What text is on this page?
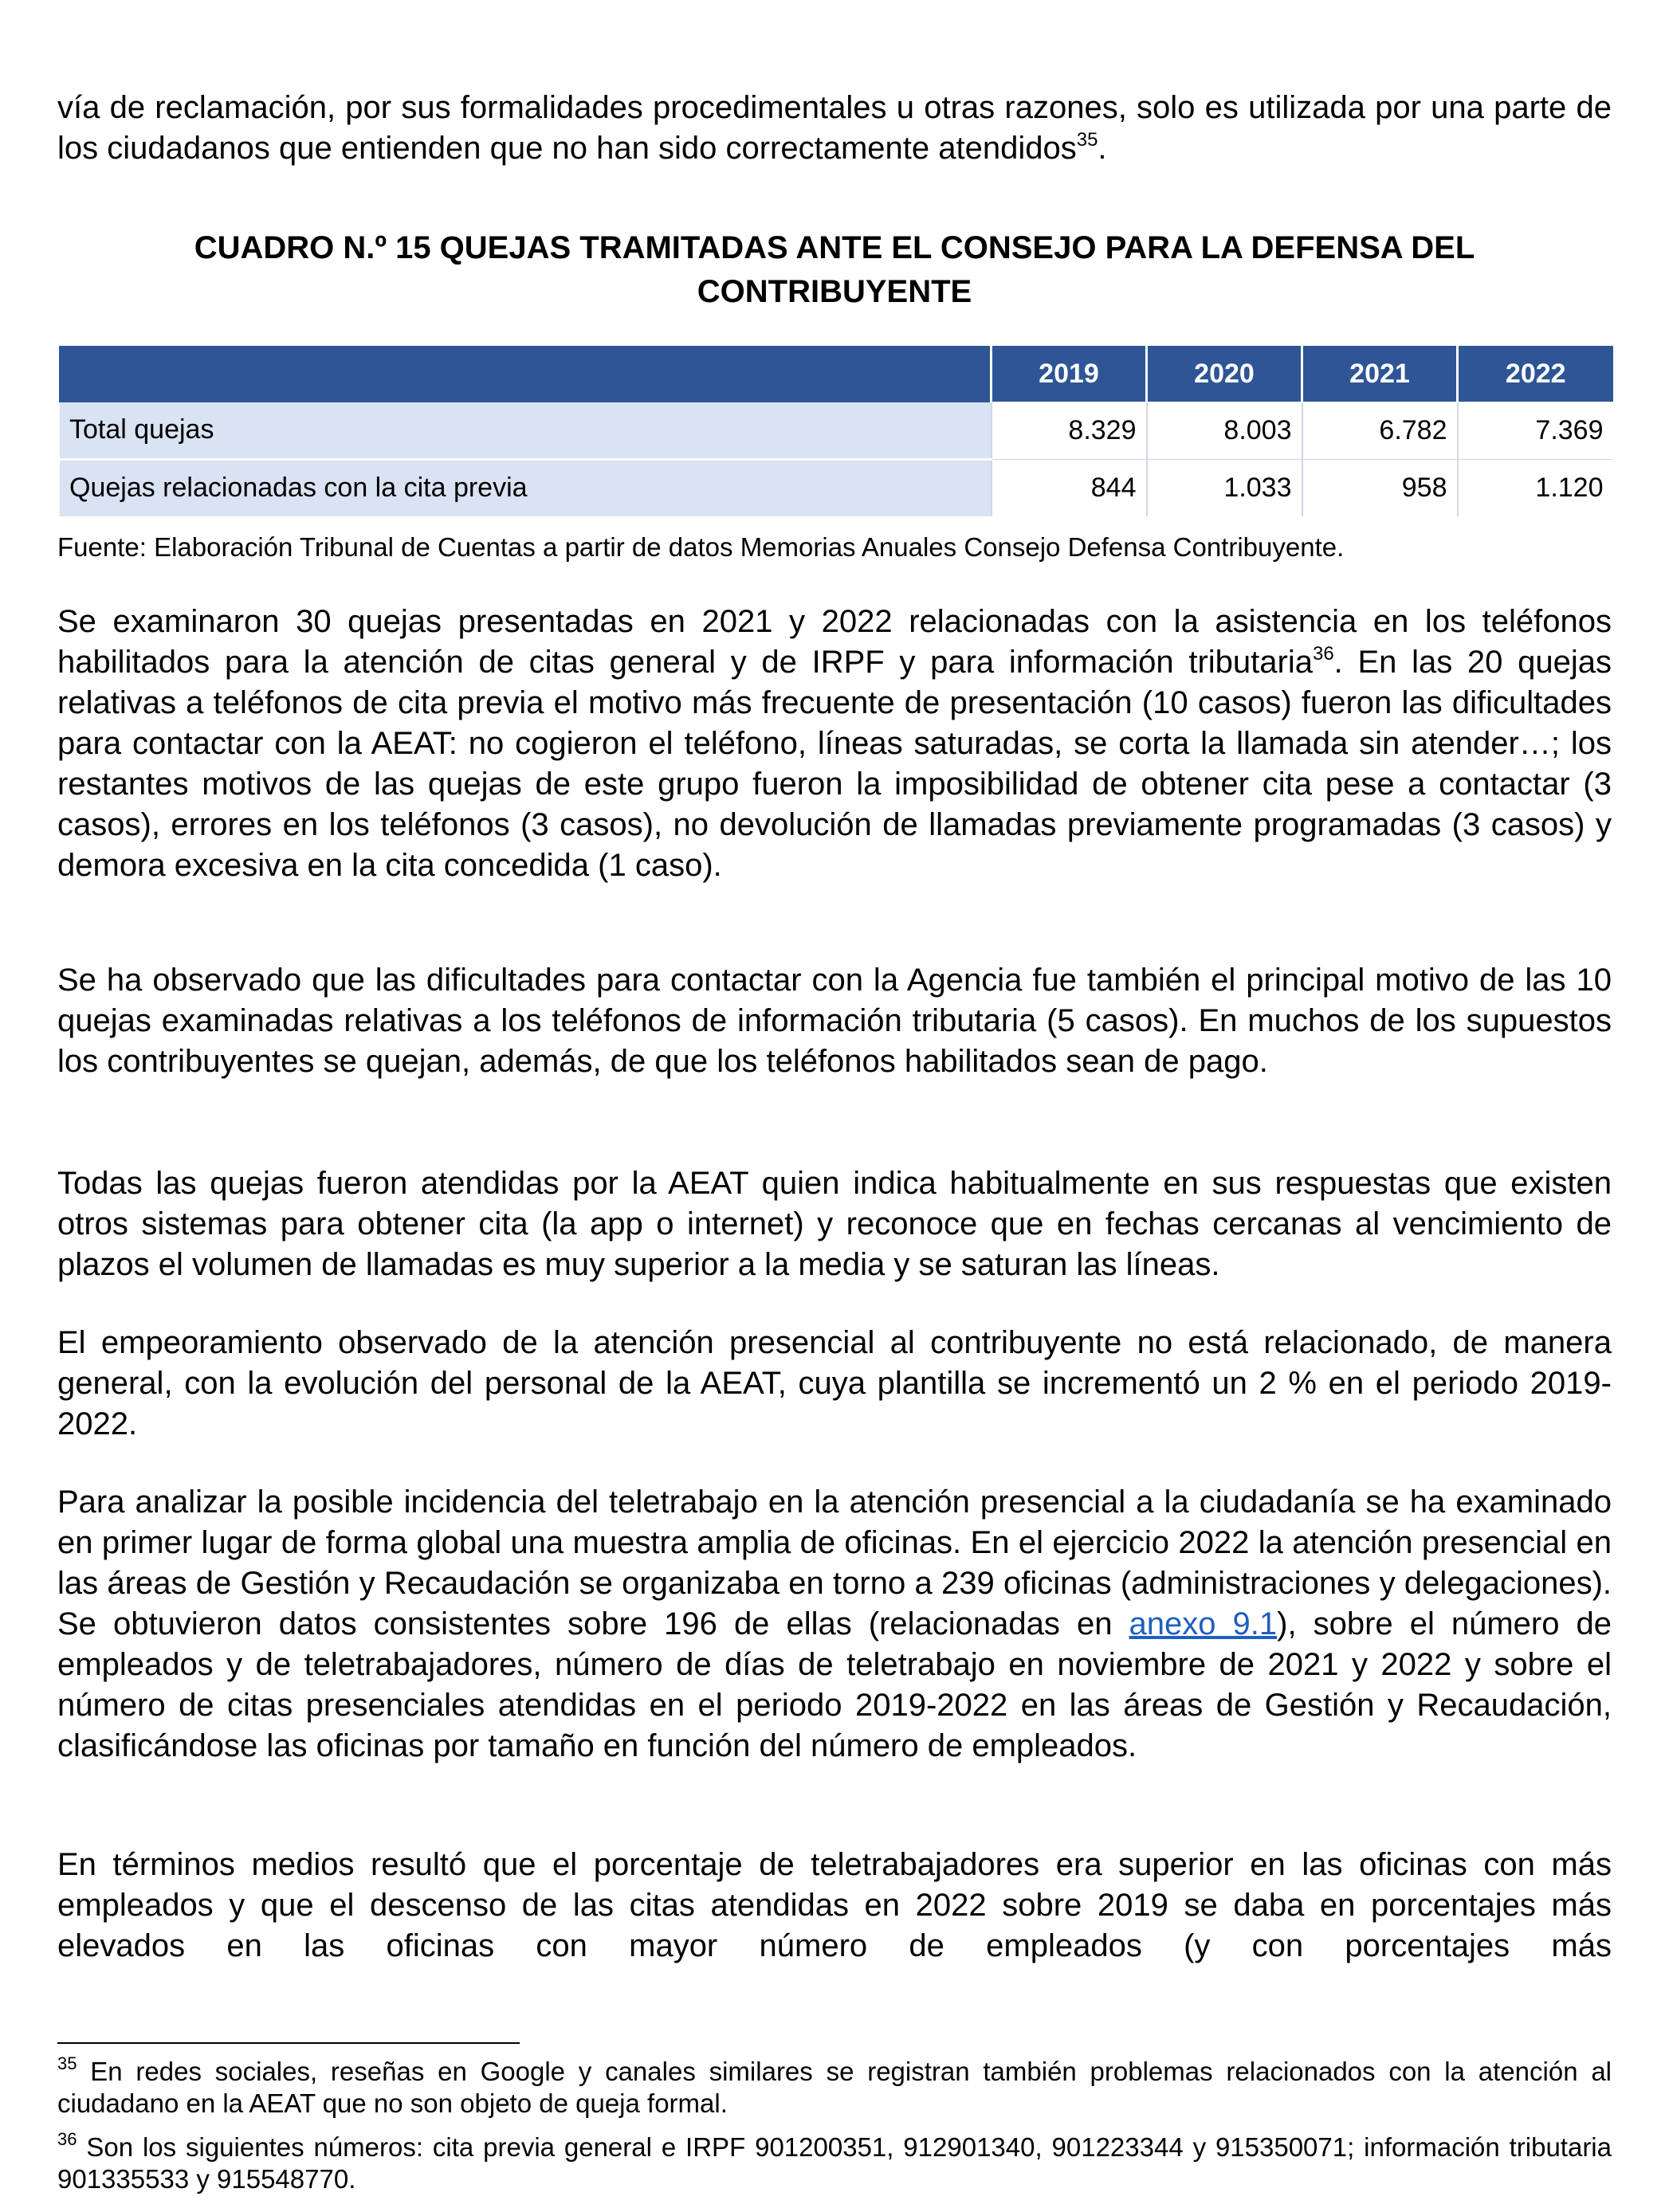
vía de reclamación, por sus formalidades procedimentales u otras razones, solo es utilizada por una parte de los ciudadanos que entienden que no han sido correctamente atendidos$^{35}$.

CUADRO N.º 15 QUEJAS TRAMITADAS ANTE EL CONSEJO PARA LA DEFENSA DEL
CONTRIBUYENTE
	2019	2020	2021	2022
Total quejas	8.329	8.003	6.782	7.369
Quejas relacionadas con la cita previa	844	1.033	958	1.120
Fuente: Elaboración Tribunal de Cuentas a partir de datos Memorias Anuales Consejo Defensa Contribuyente.

Se examinaron 30 quejas presentadas en 2021 y 2022 relacionadas con la asistencia en los teléfonos habilitados para la atención de citas general y de IRPF y para información tributaria$^{36}$. En las 20 quejas relativas a teléfonos de cita previa el motivo más frecuente de presentación (10 casos) fueron las dificultades para contactar con la AEAT: no cogieron el teléfono, líneas saturadas, se corta la llamada sin atender…; los restantes motivos de las quejas de este grupo fueron la imposibilidad de obtener cita pese a contactar (3 casos), errores en los teléfonos (3 casos), no devolución de llamadas previamente programadas (3 casos) y demora excesiva en la cita concedida (1 caso).

Se ha observado que las dificultades para contactar con la Agencia fue también el principal motivo de las 10 quejas examinadas relativas a los teléfonos de información tributaria (5 casos). En muchos de los supuestos los contribuyentes se quejan, además, de que los teléfonos habilitados sean de pago.

Todas las quejas fueron atendidas por la AEAT quien indica habitualmente en sus respuestas que existen otros sistemas para obtener cita (la app o internet) y reconoce que en fechas cercanas al vencimiento de plazos el volumen de llamadas es muy superior a la media y se saturan las líneas.

El empeoramiento observado de la atención presencial al contribuyente no está relacionado, de manera general, con la evolución del personal de la AEAT, cuya plantilla se incrementó un 2 % en el periodo 2019-2022.

Para analizar la posible incidencia del teletrabajo en la atención presencial a la ciudadanía se ha examinado en primer lugar de forma global una muestra amplia de oficinas. En el ejercicio 2022 la atención presencial en las áreas de Gestión y Recaudación se organizaba en torno a 239 oficinas (administraciones y delegaciones). Se obtuvieron datos consistentes sobre 196 de ellas (relacionadas en anexo 9.1), sobre el número de empleados y de teletrabajadores, número de días de teletrabajo en noviembre de 2021 y 2022 y sobre el número de citas presenciales atendidas en el periodo 2019-2022 en las áreas de Gestión y Recaudación, clasificándose las oficinas por tamaño en función del número de empleados.

En términos medios resultó que el porcentaje de teletrabajadores era superior en las oficinas con más empleados y que el descenso de las citas atendidas en 2022 sobre 2019 se daba en porcentajes más elevados en las oficinas con mayor número de empleados (y con porcentajes más

$^{35}$ En redes sociales, reseñas en Google y canales similares se registran también problemas relacionados con la atención al ciudadano en la AEAT que no son objeto de queja formal.
$^{36}$ Son los siguientes números: cita previa general e IRPF 901200351, 912901340, 901223344 y 915350071; información tributaria 901335533 y 915548770.
